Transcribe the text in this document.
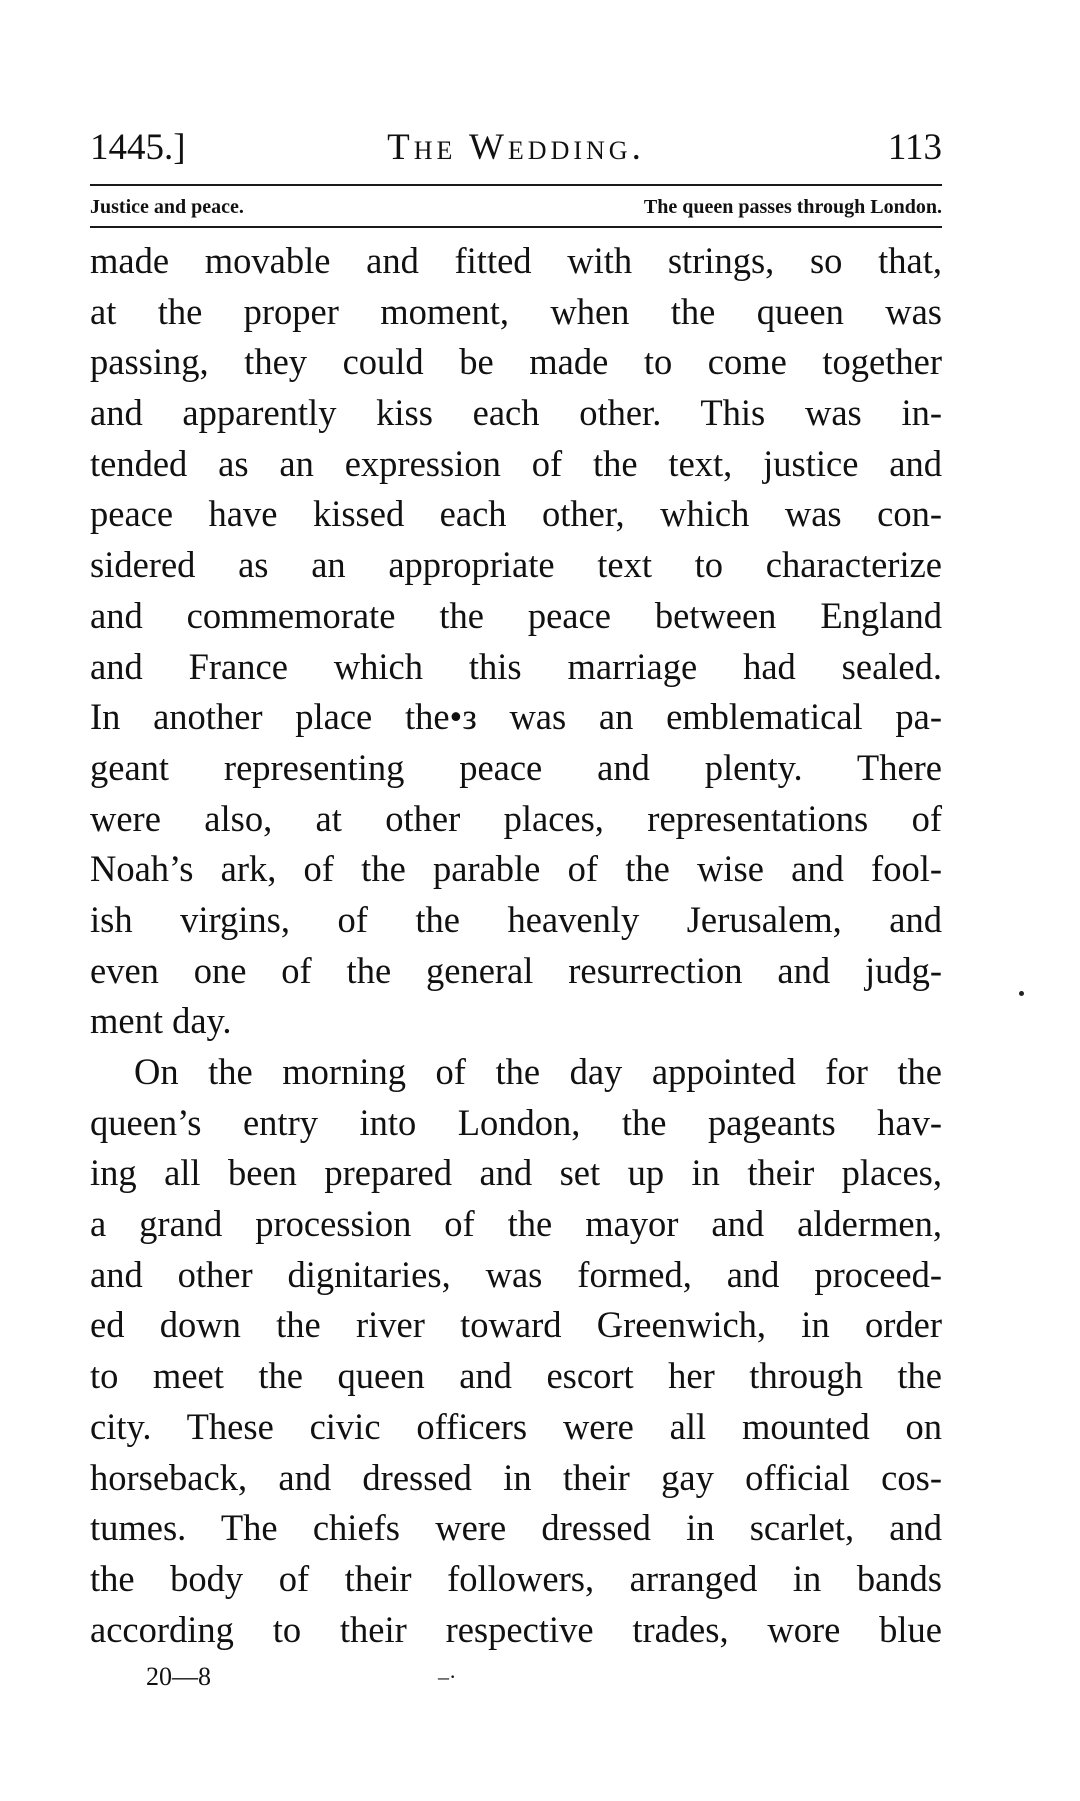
1445.]	The Wedding.	113
Justice and peace.	The queen passes through London.
made movable and fitted with strings, so that,
at the proper moment, when the queen was
passing, they could be made to come together
and apparently kiss each other. This was in-
tended as an expression of the text, justice and
peace have kissed each other, which was con-
sidered as an appropriate text to characterize
and commemorate the peace between England
and France which this marriage had sealed.
In another place the•з was an emblematical pa-
geant representing peace and plenty. There
were also, at other places, representations of
Noah’s ark, of the parable of the wise and fool-
ish virgins, of the heavenly Jerusalem, and
even one of the general resurrection and judg-
ment day.
On the morning of the day appointed for the
queen’s entry into London, the pageants hav-
ing all been prepared and set up in their places,
a grand procession of the mayor and aldermen,
and other dignitaries, was formed, and proceed-
ed down the river toward Greenwich, in order
to meet the queen and escort her through the
city. These civic officers were all mounted on
horseback, and dressed in their gay official cos-
tumes. The chiefs were dressed in scarlet, and
the body of their followers, arranged in bands
according to their respective trades, wore blue
20—8	–·
